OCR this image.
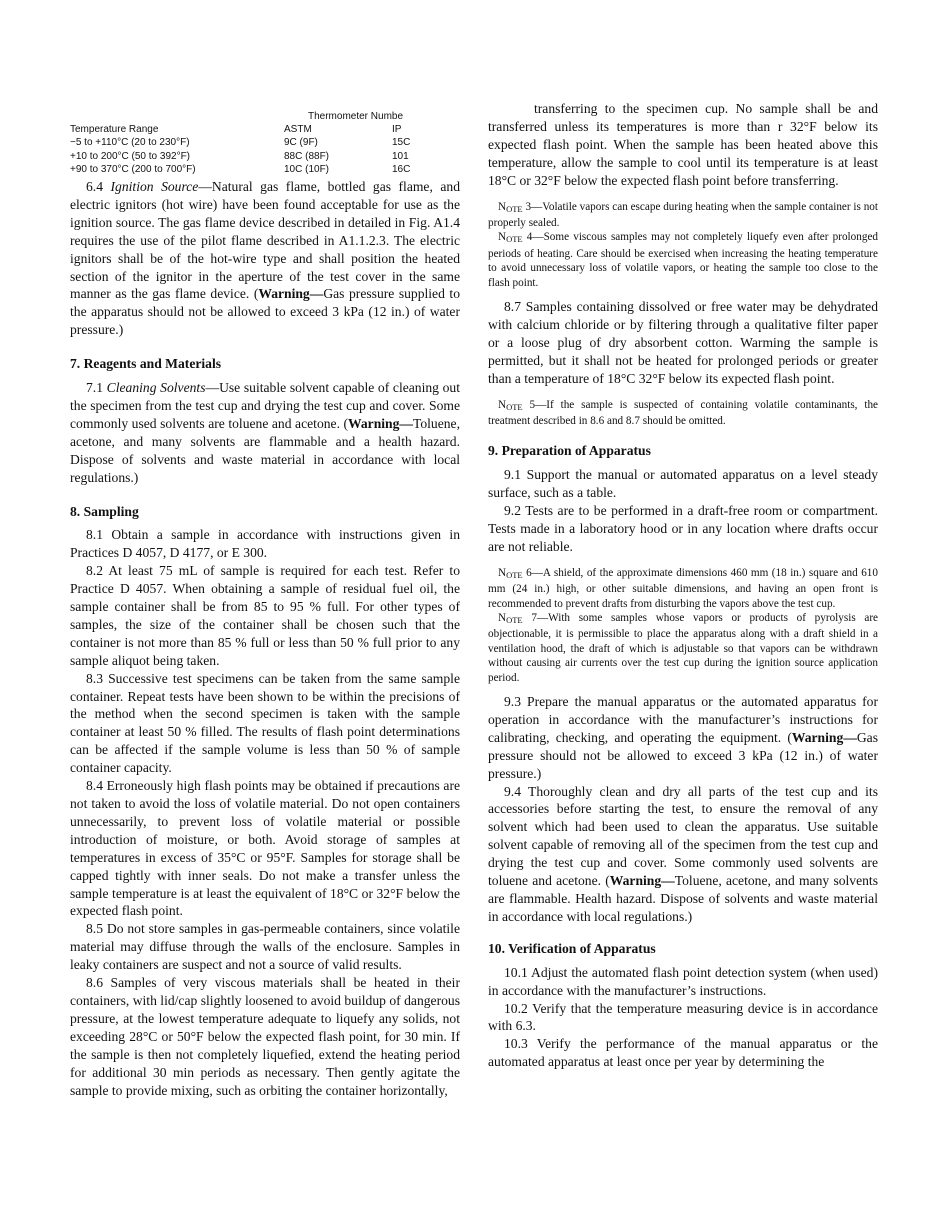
Thermometer Numbe
Temperature Range	ASTM	IP
−5 to +110°C (20 to 230°F)	9C (9F)	15C
+10 to 200°C (50 to 392°F)	88C (88F)	101
+90 to 370°C (200 to 700°F)	10C (10F)	16C

6.4 Ignition Source—Natural gas flame, bottled gas flame, and electric ignitors (hot wire) have been found acceptable for use as the ignition source. The gas flame device described in detailed in Fig. A1.4 requires the use of the pilot flame described in A1.1.2.3. The electric ignitors shall be of the hot-wire type and shall position the heated section of the ignitor in the aperture of the test cover in the same manner as the gas flame device. (Warning—Gas pressure supplied to the apparatus should not be allowed to exceed 3 kPa (12 in.) of water pressure.)

7. Reagents and Materials

7.1 Cleaning Solvents—Use suitable solvent capable of cleaning out the specimen from the test cup and drying the test cup and cover. Some commonly used solvents are toluene and acetone. (Warning—Toluene, acetone, and many solvents are flammable and a health hazard. Dispose of solvents and waste material in accordance with local regulations.)

8. Sampling

8.1 Obtain a sample in accordance with instructions given in Practices D 4057, D 4177, or E 300.

8.2 At least 75 mL of sample is required for each test. Refer to Practice D 4057. When obtaining a sample of residual fuel oil, the sample container shall be from 85 to 95 % full. For other types of samples, the size of the container shall be chosen such that the container is not more than 85 % full or less than 50 % full prior to any sample aliquot being taken.

8.3 Successive test specimens can be taken from the same sample container. Repeat tests have been shown to be within the precisions of the method when the second specimen is taken with the sample container at least 50 % filled. The results of flash point determinations can be affected if the sample volume is less than 50 % of sample container capacity.

8.4 Erroneously high flash points may be obtained if precautions are not taken to avoid the loss of volatile material. Do not open containers unnecessarily, to prevent loss of volatile material or possible introduction of moisture, or both. Avoid storage of samples at temperatures in excess of 35°C or 95°F. Samples for storage shall be capped tightly with inner seals. Do not make a transfer unless the sample temperature is at least the equivalent of 18°C or 32°F below the expected flash point.

8.5 Do not store samples in gas-permeable containers, since volatile material may diffuse through the walls of the enclosure. Samples in leaky containers are suspect and not a source of valid results.

8.6 Samples of very viscous materials shall be heated in their containers, with lid/cap slightly loosened to avoid buildup of dangerous pressure, at the lowest temperature adequate to liquefy any solids, not exceeding 28°C or 50°F below the expected flash point, for 30 min. If the sample is then not completely liquefied, extend the heating period for additional 30 min periods as necessary. Then gently agitate the sample to provide mixing, such as orbiting the container horizontally,

transferring to the specimen cup. No sample shall be and transferred unless its temperatures is more than r 32°F below its expected flash point. When the sample has been heated above this temperature, allow the sample to cool until its temperature is at least 18°C or 32°F below the expected flash point before transferring.

$N_{OTE}$ 3—Volatile vapors can escape during heating when the sample container is not properly sealed.

$N_{OTE}$ 4—Some viscous samples may not completely liquefy even after prolonged periods of heating. Care should be exercised when increasing the heating temperature to avoid unnecessary loss of volatile vapors, or heating the sample too close to the flash point.

8.7 Samples containing dissolved or free water may be dehydrated with calcium chloride or by filtering through a qualitative filter paper or a loose plug of dry absorbent cotton. Warming the sample is permitted, but it shall not be heated for prolonged periods or greater than a temperature of 18°C 32°F below its expected flash point.

$N_{OTE}$ 5—If the sample is suspected of containing volatile contaminants, the treatment described in 8.6 and 8.7 should be omitted.

9. Preparation of Apparatus

9.1 Support the manual or automated apparatus on a level steady surface, such as a table.

9.2 Tests are to be performed in a draft-free room or compartment. Tests made in a laboratory hood or in any location where drafts occur are not reliable.

$N_{OTE}$ 6—A shield, of the approximate dimensions 460 mm (18 in.) square and 610 mm (24 in.) high, or other suitable dimensions, and having an open front is recommended to prevent drafts from disturbing the vapors above the test cup.

$N_{OTE}$ 7—With some samples whose vapors or products of pyrolysis are objectionable, it is permissible to place the apparatus along with a draft shield in a ventilation hood, the draft of which is adjustable so that vapors can be withdrawn without causing air currents over the test cup during the ignition source application period.

9.3 Prepare the manual apparatus or the automated apparatus for operation in accordance with the manufacturer’s instructions for calibrating, checking, and operating the equipment. (Warning—Gas pressure should not be allowed to exceed 3 kPa (12 in.) of water pressure.)

9.4 Thoroughly clean and dry all parts of the test cup and its accessories before starting the test, to ensure the removal of any solvent which had been used to clean the apparatus. Use suitable solvent capable of removing all of the specimen from the test cup and drying the test cup and cover. Some commonly used solvents are toluene and acetone. (Warning—Toluene, acetone, and many solvents are flammable. Health hazard. Dispose of solvents and waste material in accordance with local regulations.)

10. Verification of Apparatus

10.1 Adjust the automated flash point detection system (when used) in accordance with the manufacturer’s instructions.

10.2 Verify that the temperature measuring device is in accordance with 6.3.

10.3 Verify the performance of the manual apparatus or the automated apparatus at least once per year by determining the
